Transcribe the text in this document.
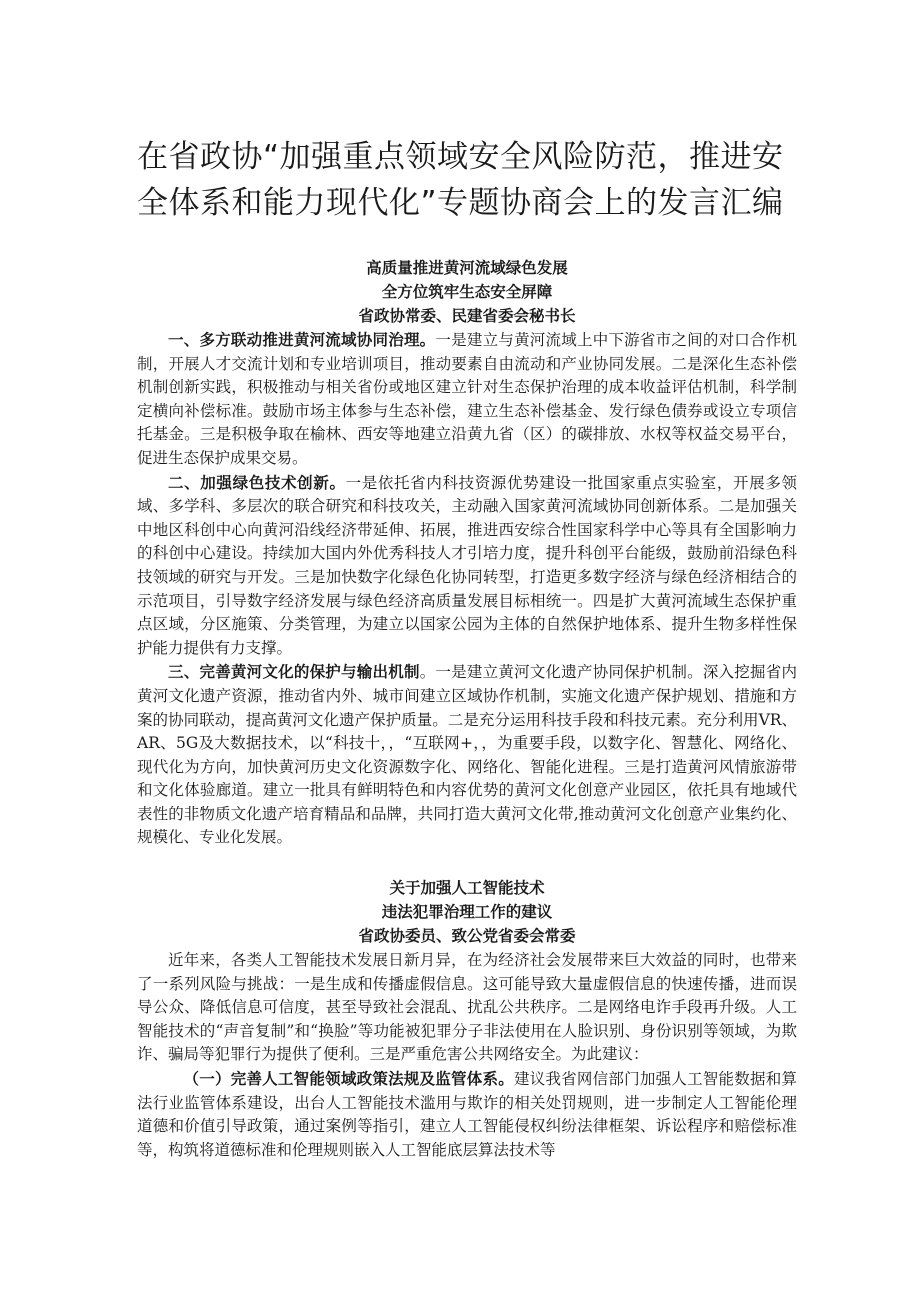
在省政协“加强重点领域安全风险防范，推进安全体系和能力现代化”专题协商会上的发言汇编

高质量推进黄河流域绿色发展

全方位筑牢生态安全屏障

省政协常委、民建省委会秘书长

一、多方联动推进黄河流域协同治理。一是建立与黄河流域上中下游省市之间的对口合作机制，开展人才交流计划和专业培训项目，推动要素自由流动和产业协同发展。二是深化生态补偿机制创新实践，积极推动与相关省份或地区建立针对生态保护治理的成本收益评估机制，科学制定横向补偿标准。鼓励市场主体参与生态补偿，建立生态补偿基金、发行绿色债券或设立专项信托基金。三是积极争取在榆林、西安等地建立沿黄九省（区）的碳排放、水权等权益交易平台，促进生态保护成果交易。

二、加强绿色技术创新。一是依托省内科技资源优势建设一批国家重点实验室，开展多领域、多学科、多层次的联合研究和科技攻关，主动融入国家黄河流域协同创新体系。二是加强关中地区科创中心向黄河沿线经济带延伸、拓展，推进西安综合性国家科学中心等具有全国影响力的科创中心建设。持续加大国内外优秀科技人才引培力度，提升科创平台能级，鼓励前沿绿色科技领域的研究与开发。三是加快数字化绿色化协同转型，打造更多数字经济与绿色经济相结合的示范项目，引导数字经济发展与绿色经济高质量发展目标相统一。四是扩大黄河流域生态保护重点区域，分区施策、分类管理，为建立以国家公园为主体的自然保护地体系、提升生物多样性保护能力提供有力支撑。

三、完善黄河文化的保护与输出机制。一是建立黄河文化遗产协同保护机制。深入挖掘省内黄河文化遗产资源，推动省内外、城市间建立区域协作机制，实施文化遗产保护规划、措施和方案的协同联动，提高黄河文化遗产保护质量。二是充分运用科技手段和科技元素。充分利用VR、AR、5G及大数据技术，以“科技十，，“互联网+，，为重要手段，以数字化、智慧化、网络化、现代化为方向，加快黄河历史文化资源数字化、网络化、智能化进程。三是打造黄河风情旅游带和文化体验廊道。建立一批具有鲜明特色和内容优势的黄河文化创意产业园区，依托具有地域代表性的非物质文化遗产培育精品和品牌，共同打造大黄河文化带,推动黄河文化创意产业集约化、规模化、专业化发展。

关于加强人工智能技术

违法犯罪治理工作的建议

省政协委员、致公党省委会常委

近年来，各类人工智能技术发展日新月异，在为经济社会发展带来巨大效益的同时，也带来了一系列风险与挑战：一是生成和传播虚假信息。这可能导致大量虚假信息的快速传播，进而误导公众、降低信息可信度，甚至导致社会混乱、扰乱公共秩序。二是网络电诈手段再升级。人工智能技术的“声音复制”和“换脸”等功能被犯罪分子非法使用在人脸识别、身份识别等领域，为欺诈、骗局等犯罪行为提供了便利。三是严重危害公共网络安全。为此建议：

（一）完善人工智能领域政策法规及监管体系。建议我省网信部门加强人工智能数据和算法行业监管体系建设，出台人工智能技术滥用与欺诈的相关处罚规则，进一步制定人工智能伦理道德和价值引导政策，通过案例等指引，建立人工智能侵权纠纷法律框架、诉讼程序和赔偿标准等，构筑将道德标准和伦理规则嵌入人工智能底层算法技术等
